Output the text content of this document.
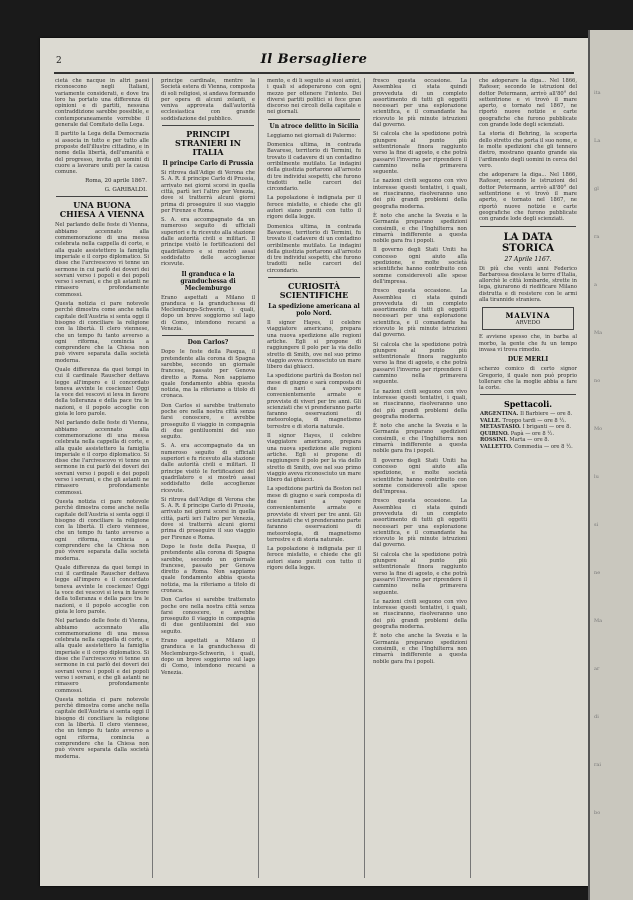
2	Il Bersagliere

cietà che nacque in altri paesi riconoscono negli Italiani, variamente considerati, e dove tra loro ha portato una differenza di opinioni e di partiti, nessuna contraddizione sarebbe possibile, e contemporaneamente vorrebbe il generale dal Comitato della Lega.

Il partito la Lega della Democrazia si associa in tutto e per tutto alle proposte dell'illustre cittadino, e in nome della libertà, dell'umanità e del progresso, invita gli uomini di cuore a lavorare uniti per la causa comune.

Roma, 20 aprile 1867.
G. GARIBALDI.
UNA BUONA CHIESA A VIENNA

Nel parlando delle feste di Vienna, abbiamo accennato alla commemorazione di una messa celebrata nella cappella di corte, e alla quale assistettero la famiglia imperiale e il corpo diplomatico. Si disse che l'arcivescovo vi tenne un sermone in cui parlò dei doveri dei sovrani verso i popoli e dei popoli verso i sovrani, e che gli astanti ne rimasero profondamente commossi.

Questa notizia ci pare notevole perchè dimostra come anche nella capitale dell'Austria si senta oggi il bisogno di conciliare la religione con la libertà. Il clero viennese, che un tempo fu tanto avverso a ogni riforma, comincia a comprendere che la Chiesa non può vivere separata dalla società moderna.

Quale differenza da quei tempi in cui il cardinale Rauscher dettava legge all'impero e il concordato teneva avvinte le coscienze! Oggi la voce dei vescovi si leva in favore della tolleranza e della pace tra le nazioni, e il popolo accoglie con gioia le loro parole.

Nel parlando delle feste di Vienna, abbiamo accennato alla commemorazione di una messa celebrata nella cappella di corte, e alla quale assistettero la famiglia imperiale e il corpo diplomatico. Si disse che l'arcivescovo vi tenne un sermone in cui parlò dei doveri dei sovrani verso i popoli e dei popoli verso i sovrani, e che gli astanti ne rimasero profondamente commossi.

Questa notizia ci pare notevole perchè dimostra come anche nella capitale dell'Austria si senta oggi il bisogno di conciliare la religione con la libertà. Il clero viennese, che un tempo fu tanto avverso a ogni riforma, comincia a comprendere che la Chiesa non può vivere separata dalla società moderna.

Quale differenza da quei tempi in cui il cardinale Rauscher dettava legge all'impero e il concordato teneva avvinte le coscienze! Oggi la voce dei vescovi si leva in favore della tolleranza e della pace tra le nazioni, e il popolo accoglie con gioia le loro parole.

Nel parlando delle feste di Vienna, abbiamo accennato alla commemorazione di una messa celebrata nella cappella di corte, e alla quale assistettero la famiglia imperiale e il corpo diplomatico. Si disse che l'arcivescovo vi tenne un sermone in cui parlò dei doveri dei sovrani verso i popoli e dei popoli verso i sovrani, e che gli astanti ne rimasero profondamente commossi.

Questa notizia ci pare notevole perchè dimostra come anche nella capitale dell'Austria si senta oggi il bisogno di conciliare la religione con la libertà. Il clero viennese, che un tempo fu tanto avverso a ogni riforma, comincia a comprendere che la Chiesa non può vivere separata dalla società moderna.

principe cardinale, mentre la Società estera di Vienna, composta di soli religiosi, si andava formando per opera di alcuni zelanti, e veniva approvata dall'autorità ecclesiastica con grande soddisfazione del pubblico.

PRINCIPI STRANIERI IN ITALIA
Il principe Carlo di Prussia

Si ritrova dall'Adige di Verona che S. A. R. il principe Carlo di Prussia, arrivato nei giorni scorsi in quella città, partì ieri l'altro per Venezia, dove si tratterrà alcuni giorni prima di proseguire il suo viaggio per Firenze e Roma.

S. A. era accompagnato da un numeroso seguito di ufficiali superiori e fu ricevuto alla stazione dalle autorità civili e militari. Il principe visitò le fortificazioni del quadrilatero e si mostrò assai soddisfatto delle accoglienze ricevute.

Il granduca e la granduchessa di Meclemburgo

Erano aspettati a Milano il granduca e la granduchessa di Meclemburgo-Schwerin, i quali, dopo un breve soggiorno sul lago di Como, intendono recarsi a Venezia.

Don Carlos?

Dopo le feste della Pasqua, il pretendente alla corona di Spagna sarebbe, secondo un giornale francese, passato per Genova diretto a Roma. Non sappiamo quale fondamento abbia questa notizia, ma la riferiamo a titolo di cronaca.

Don Carlos si sarebbe trattenuto poche ore nella nostra città senza farsi conoscere, e avrebbe proseguito il viaggio in compagnia di due gentiluomini del suo seguito.

S. A. era accompagnato da un numeroso seguito di ufficiali superiori e fu ricevuto alla stazione dalle autorità civili e militari. Il principe visitò le fortificazioni del quadrilatero e si mostrò assai soddisfatto delle accoglienze ricevute.

Si ritrova dall'Adige di Verona che S. A. R. il principe Carlo di Prussia, arrivato nei giorni scorsi in quella città, partì ieri l'altro per Venezia, dove si tratterrà alcuni giorni prima di proseguire il suo viaggio per Firenze e Roma.

Dopo le feste della Pasqua, il pretendente alla corona di Spagna sarebbe, secondo un giornale francese, passato per Genova diretto a Roma. Non sappiamo quale fondamento abbia questa notizia, ma la riferiamo a titolo di cronaca.

Don Carlos si sarebbe trattenuto poche ore nella nostra città senza farsi conoscere, e avrebbe proseguito il viaggio in compagnia di due gentiluomini del suo seguito.

Erano aspettati a Milano il granduca e la granduchessa di Meclemburgo-Schwerin, i quali, dopo un breve soggiorno sul lago di Como, intendono recarsi a Venezia.

mento, e di lì seguito ai suoi amici, i quali si adoperarono con ogni mezzo per ottenere l'intento. Dei diversi partiti politici si fece gran discorso nei circoli della capitale e nei giornali.

Un atroce delitto in Sicilia

Leggiamo nei giornali di Palermo:

Domenica ultima, in contrada Bavarese, territorio di Termini, fu trovato il cadavere di un contadino orribilmente mutilato. Le indagini della giustizia portarono all'arresto di tre individui sospetti, che furono tradotti nelle carceri del circondario.

La popolazione è indignata per il feroce misfatto, e chiede che gli autori siano puniti con tutto il rigore della legge.

Domenica ultima, in contrada Bavarese, territorio di Termini, fu trovato il cadavere di un contadino orribilmente mutilato. Le indagini della giustizia portarono all'arresto di tre individui sospetti, che furono tradotti nelle carceri del circondario.

CURIOSITÀ SCIENTIFICHE
La spedizione americana al polo Nord.

Il signor Hayes, il celebre viaggiatore americano, prepara una nuova spedizione alle regioni artiche. Egli si propone di raggiungere il polo per la via dello stretto di Smith, ove nel suo primo viaggio aveva riconosciuto un mare libero dai ghiacci.

La spedizione partirà da Boston nel mese di giugno e sarà composta di due navi a vapore convenientemente armate e provviste di viveri per tre anni. Gli scienziati che vi prenderanno parte faranno osservazioni di meteorologia, di magnetismo terrestre e di storia naturale.

Il signor Hayes, il celebre viaggiatore americano, prepara una nuova spedizione alle regioni artiche. Egli si propone di raggiungere il polo per la via dello stretto di Smith, ove nel suo primo viaggio aveva riconosciuto un mare libero dai ghiacci.

La spedizione partirà da Boston nel mese di giugno e sarà composta di due navi a vapore convenientemente armate e provviste di viveri per tre anni. Gli scienziati che vi prenderanno parte faranno osservazioni di meteorologia, di magnetismo terrestre e di storia naturale.

La popolazione è indignata per il feroce misfatto, e chiede che gli autori siano puniti con tutto il rigore della legge.

fresco questa occasione. La Assemblea ci stata quindi provveduta di un completo assortimento di tutti gli oggetti necessari per una esplorazione scientifica, e il comandante ha ricevuto le più minute istruzioni dal governo.

Si calcola che la spedizione potrà giungere al punto più settentrionale finora raggiunto verso la fine di agosto, e che potrà passarvi l'inverno per riprendere il cammino nella primavera seguente.

Le nazioni civili seguono con vivo interesse questi tentativi, i quali, se riusciranno, risolveranno uno dei più grandi problemi della geografia moderna.

È noto che anche la Svezia e la Germania preparano spedizioni consimili, e che l'Inghilterra non rimarrà indifferente a questa nobile gara fra i popoli.

Il governo degli Stati Uniti ha concesso ogni aiuto alla spedizione, e molte società scientifiche hanno contribuito con somme considerevoli alle spese dell'impresa.

fresco questa occasione. La Assemblea ci stata quindi provveduta di un completo assortimento di tutti gli oggetti necessari per una esplorazione scientifica, e il comandante ha ricevuto le più minute istruzioni dal governo.

Si calcola che la spedizione potrà giungere al punto più settentrionale finora raggiunto verso la fine di agosto, e che potrà passarvi l'inverno per riprendere il cammino nella primavera seguente.

Le nazioni civili seguono con vivo interesse questi tentativi, i quali, se riusciranno, risolveranno uno dei più grandi problemi della geografia moderna.

È noto che anche la Svezia e la Germania preparano spedizioni consimili, e che l'Inghilterra non rimarrà indifferente a questa nobile gara fra i popoli.

Il governo degli Stati Uniti ha concesso ogni aiuto alla spedizione, e molte società scientifiche hanno contribuito con somme considerevoli alle spese dell'impresa.

fresco questa occasione. La Assemblea ci stata quindi provveduta di un completo assortimento di tutti gli oggetti necessari per una esplorazione scientifica, e il comandante ha ricevuto le più minute istruzioni dal governo.

Si calcola che la spedizione potrà giungere al punto più settentrionale finora raggiunto verso la fine di agosto, e che potrà passarvi l'inverno per riprendere il cammino nella primavera seguente.

Le nazioni civili seguono con vivo interesse questi tentativi, i quali, se riusciranno, risolveranno uno dei più grandi problemi della geografia moderna.

È noto che anche la Svezia e la Germania preparano spedizioni consimili, e che l'Inghilterra non rimarrà indifferente a questa nobile gara fra i popoli.

che adoperare la diga... Nel 1866, Rafeser, secondo le istruzioni del dottor Petermann, arrivò all'80° del settentrione e vi trovò il mare aperto, e tornato nel 1867, ne riportò nuove notizie e carte geografiche che furono pubblicate con grande lode degli scienziati.

La storia di Behring, la scoperta dello stretto che porta il suo nome, e le molte spedizioni che gli tennero dietro, mostrano quanto grande sia l'ardimento degli uomini in cerca del vero.

che adoperare la diga... Nel 1866, Rafeser, secondo le istruzioni del dottor Petermann, arrivò all'80° del settentrione e vi trovò il mare aperto, e tornato nel 1867, ne riportò nuove notizie e carte geografiche che furono pubblicate con grande lode degli scienziati.

LA DATA STORICA
27 Aprile 1167.

Di più che venti anni Federico Barbarossa desolava le terre d'Italia, allorchè le città lombarde, strette in lega, giurarono di riedificare Milano distrutta e di resistere con le armi alla tirannide straniera.

MALVINA
ARVEDO

E avviene spesso che, in barba al morbo, la gente che fu un tempo invasa vi trova rimedio.

DUE MERLI

scherzo comico di certo signor Gregorio, il quale non può proprio tollerare che la moglie abbia a fare la corte.

Spettacoli.
ARGENTINA. Il Barbiere — ore 8.
VALLE. Troppo tardi — ore 8 ½.
METASTASIO. I briganti — ore 8.
QUIRINO. Papà — ore 8 ½.
ROSSINI. Marta — ore 8.
VALLETTO. Commedia — ore 8 ½.
ita
La
gl
ra
a
Ma
no
Mo
lu
si
ne
Ma
ar
di
rai
bo
